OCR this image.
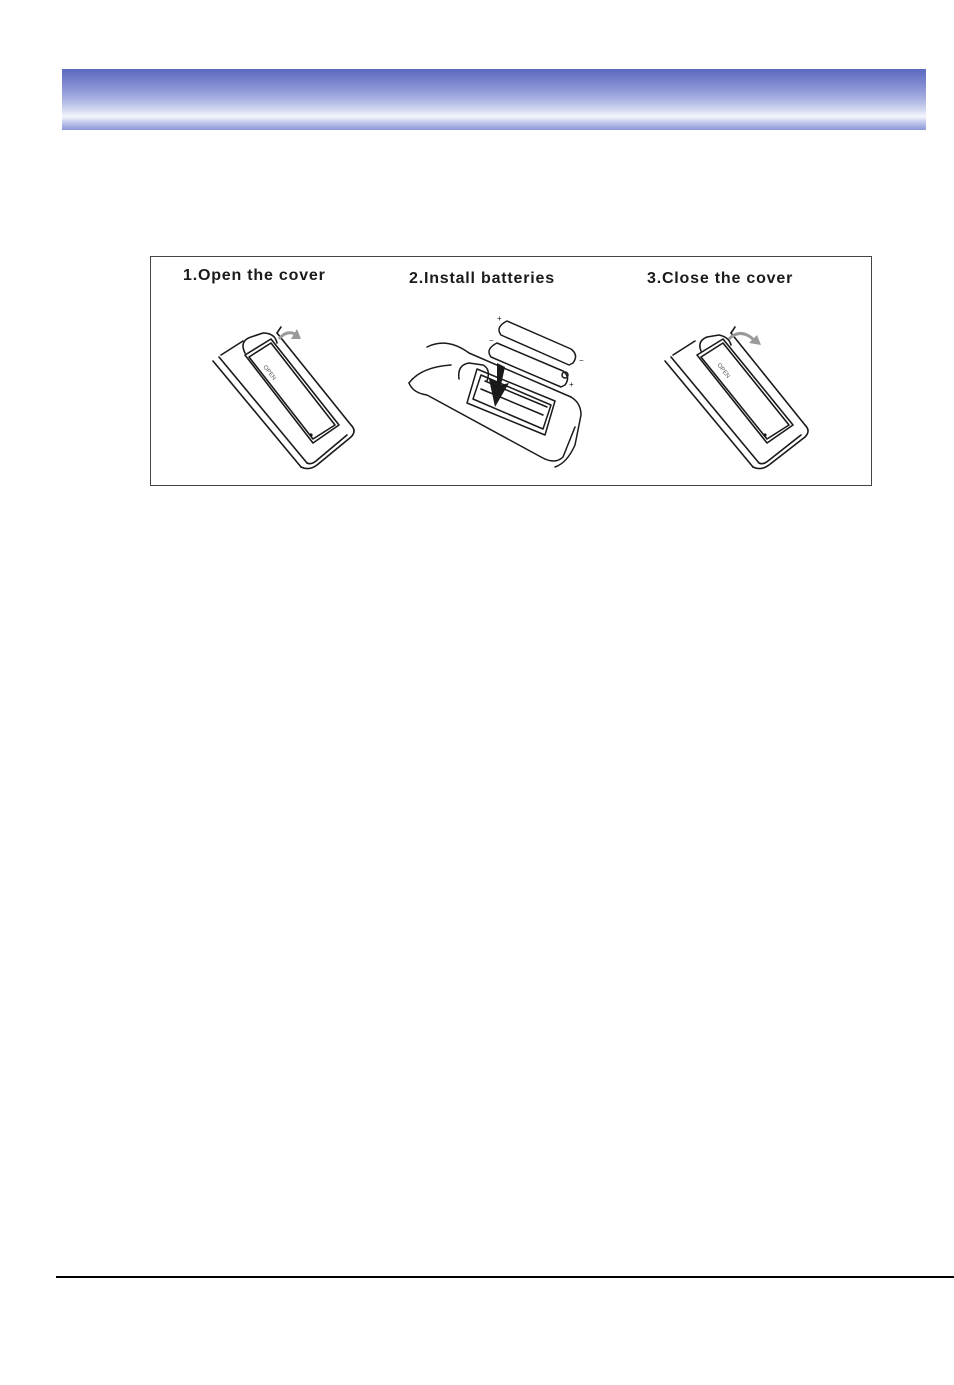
1.Open the cover	2.Install batteries	3.Close the cover
OPEN
+
−
−
+
OPEN
